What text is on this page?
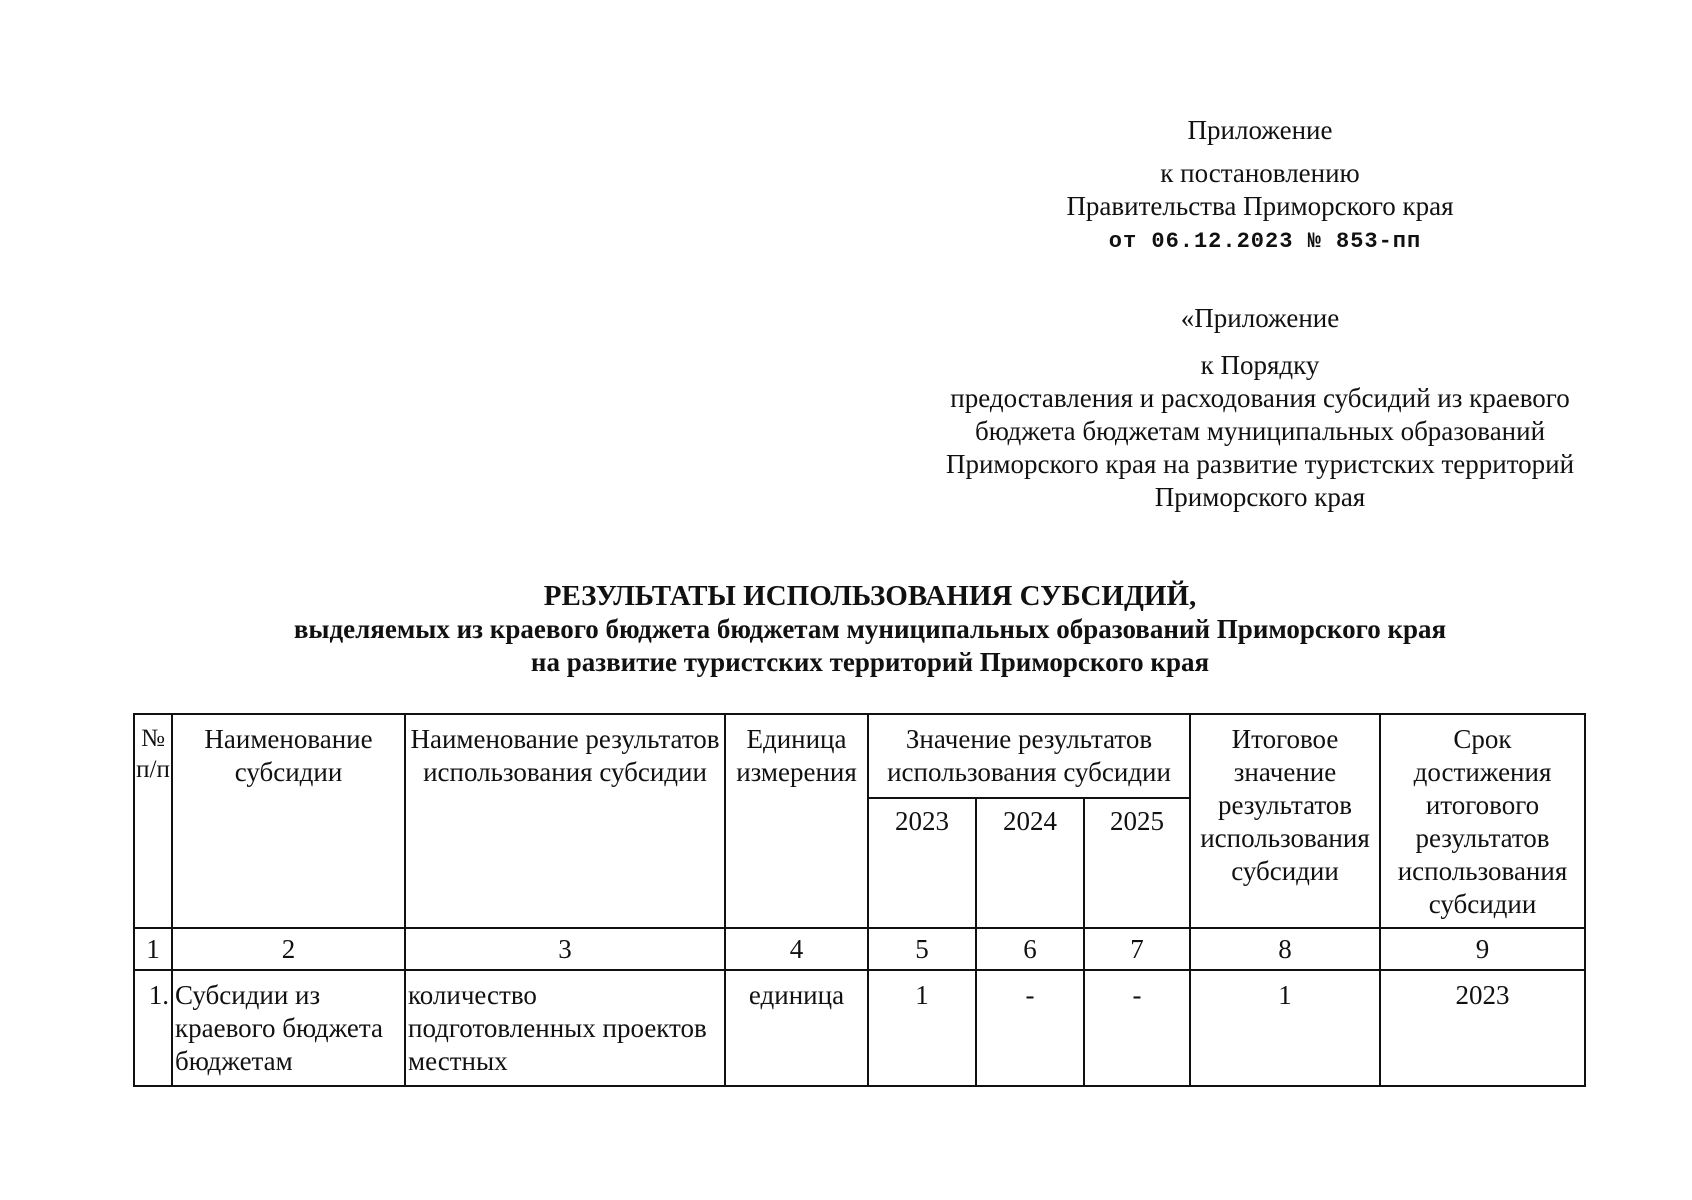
Приложение
к постановлению
Правительства Приморского края
от 06.12.2023 № 853-пп
«Приложение
к Порядку
предоставления и расходования субсидий из краевого
бюджета бюджетам муниципальных образований
Приморского края на развитие туристских территорий
Приморского края
РЕЗУЛЬТАТЫ ИСПОЛЬЗОВАНИЯ СУБСИДИЙ,
выделяемых из краевого бюджета бюджетам муниципальных образований Приморского края
на развитие туристских территорий Приморского края
№ п/п	Наименование субсидии	Наименование результатов использования субсидии	Единица измерения	Значение результатов использования субсидии			Итоговое значение результатов использования субсидии	Срок достижения итогового результатов использования субсидии
				2023	2024	2025		
1	2	3	4	5	6	7	8	9
1.	Субсидии из краевого бюджета бюджетам	количество подготовленных проектов местных	единица	1	-	-	1	2023
